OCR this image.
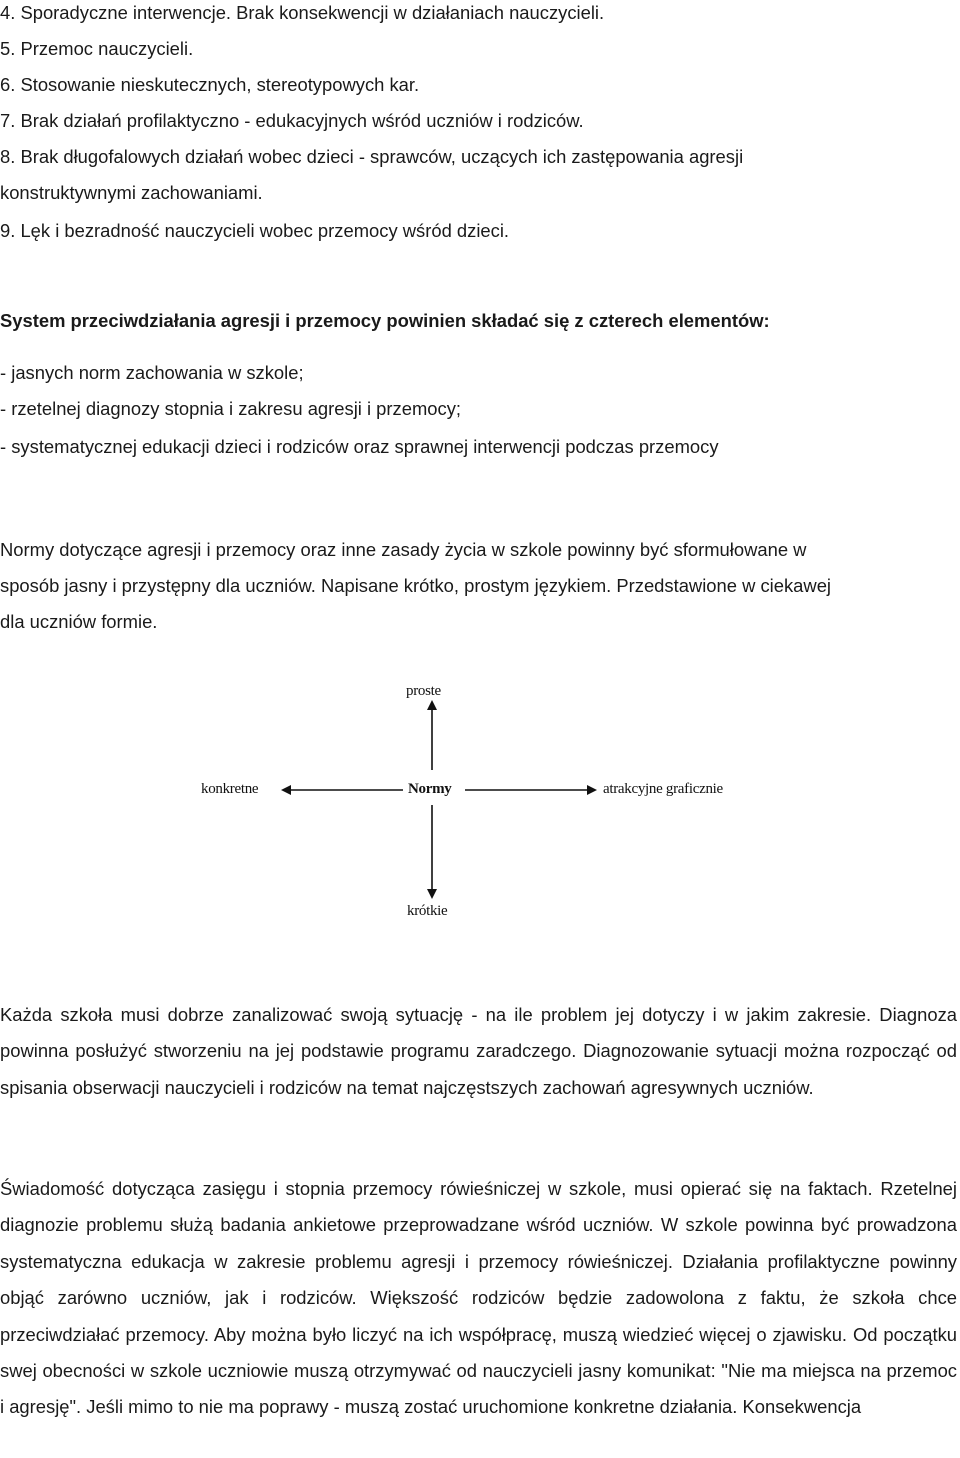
4. Sporadyczne interwencje. Brak konsekwencji w działaniach nauczycieli.

5. Przemoc nauczycieli.

6. Stosowanie nieskutecznych, stereotypowych kar.

7. Brak działań profilaktyczno - edukacyjnych wśród uczniów i rodziców.

8. Brak długofalowych działań wobec dzieci - sprawców, uczących ich zastępowania agresji

konstruktywnymi zachowaniami.

9. Lęk i bezradność nauczycieli wobec przemocy wśród dzieci.

System przeciwdziałania agresji i przemocy powinien składać się z czterech elementów:

- jasnych norm zachowania w szkole;

- rzetelnej diagnozy stopnia i zakresu agresji i przemocy;

- systematycznej edukacji dzieci i rodziców oraz sprawnej interwencji podczas przemocy

Normy dotyczące agresji i przemocy oraz inne zasady życia w szkole powinny być sformułowane w

sposób jasny i przystępny dla uczniów. Napisane krótko, prostym językiem. Przedstawione w ciekawej

dla uczniów formie.

proste
konkretne	Normy	atrakcyjne graficznie
krótkie

Każda szkoła musi dobrze zanalizować swoją sytuację - na ile problem jej dotyczy i w jakim zakresie. Diagnoza powinna posłużyć stworzeniu na jej podstawie programu zaradczego. Diagnozowanie sytuacji można rozpocząć od spisania obserwacji nauczycieli i rodziców na temat najczęstszych zachowań agresywnych uczniów.

Świadomość dotycząca zasięgu i stopnia przemocy rówieśniczej w szkole, musi opierać się na faktach. Rzetelnej diagnozie problemu służą badania ankietowe przeprowadzane wśród uczniów. W szkole powinna być prowadzona systematyczna edukacja w zakresie problemu agresji i przemocy rówieśniczej. Działania profilaktyczne powinny objąć zarówno uczniów, jak i rodziców. Większość rodziców będzie zadowolona z faktu, że szkoła chce przeciwdziałać przemocy. Aby można było liczyć na ich współpracę, muszą wiedzieć więcej o zjawisku. Od początku swej obecności w szkole uczniowie muszą otrzymywać od nauczycieli jasny komunikat: "Nie ma miejsca na przemoc i agresję". Jeśli mimo to nie ma poprawy - muszą zostać uruchomione konkretne działania. Konsekwencja
